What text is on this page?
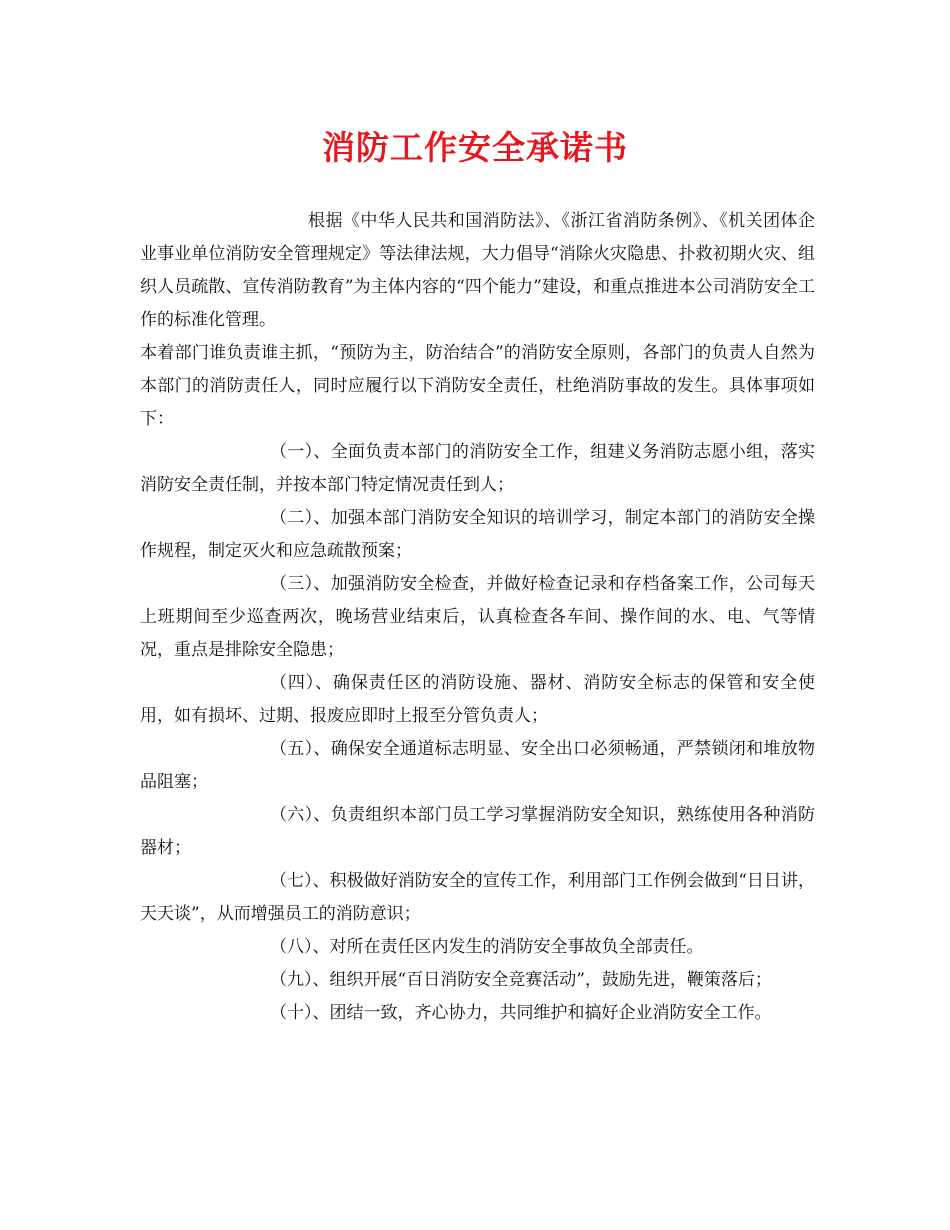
消防工作安全承诺书

根据《中华人民共和国消防法》、《浙江省消防条例》、《机关团体企业事业单位消防安全管理规定》等法律法规，大力倡导“消除火灾隐患、扑救初期火灾、组织人员疏散、宣传消防教育”为主体内容的“四个能力”建设，和重点推进本公司消防安全工作的标准化管理。

本着部门谁负责谁主抓，“预防为主，防治结合”的消防安全原则，各部门的负责人自然为本部门的消防责任人，同时应履行以下消防安全责任，杜绝消防事故的发生。具体事项如下：

（一）、全面负责本部门的消防安全工作，组建义务消防志愿小组，落实消防安全责任制，并按本部门特定情况责任到人；

（二）、加强本部门消防安全知识的培训学习，制定本部门的消防安全操作规程，制定灭火和应急疏散预案；

（三）、加强消防安全检查，并做好检查记录和存档备案工作，公司每天上班期间至少巡查两次，晚场营业结束后，认真检查各车间、操作间的水、电、气等情况，重点是排除安全隐患；

（四）、确保责任区的消防设施、器材、消防安全标志的保管和安全使用，如有损坏、过期、报废应即时上报至分管负责人；

（五）、确保安全通道标志明显、安全出口必须畅通，严禁锁闭和堆放物品阻塞；

（六）、负责组织本部门员工学习掌握消防安全知识，熟练使用各种消防器材；

（七）、积极做好消防安全的宣传工作，利用部门工作例会做到“日日讲，天天谈”，从而增强员工的消防意识；

（八）、对所在责任区内发生的消防安全事故负全部责任。

（九）、组织开展“百日消防安全竞赛活动”，鼓励先进，鞭策落后；

（十）、团结一致，齐心协力，共同维护和搞好企业消防安全工作。
